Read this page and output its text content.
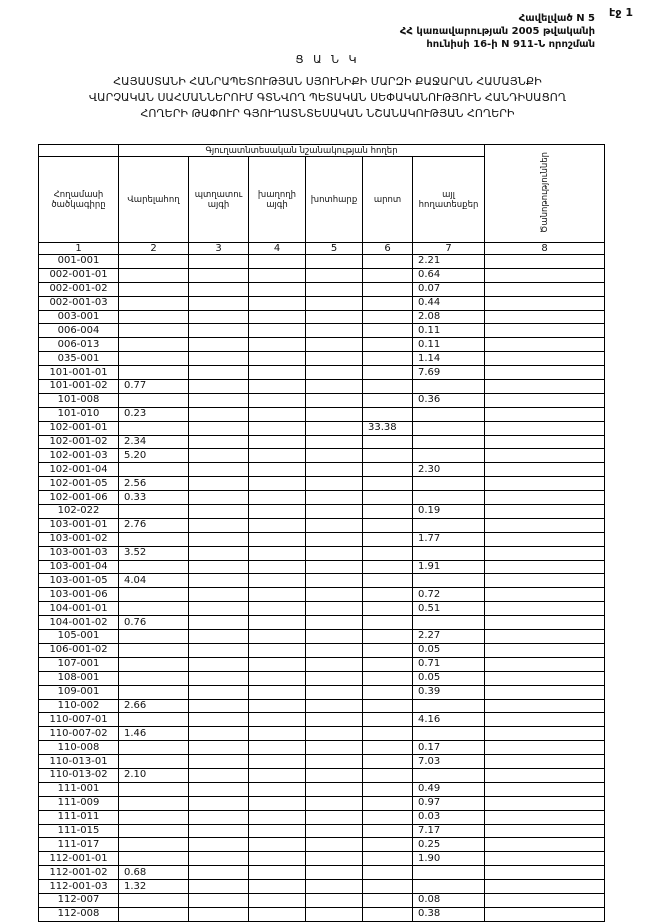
էջ 1
Հավելված N 5
ՀՀ կառավարության 2005 թվականի
հունիսի 16-ի N 911-Ն որոշման
Ց Ա Ն Կ
ՀԱՅԱՍՏԱՆԻ ՀԱՆՐԱՊԵՏՈՒԹՅԱՆ ՍՅՈՒՆԻՔԻ ՄԱՐԶԻ ՔԱՋԱՐԱՆ ՀԱՄԱՅՆՔԻ
ՎԱՐՉԱԿԱՆ ՍԱՀՄԱՆՆԵՐՈՒՄ ԳՏՆՎՈՂ ՊԵՏԱԿԱՆ ՍԵՓԱԿԱՆՈՒԹՅՈՒՆ ՀԱՆԴԻՍԱՑՈՂ
ՀՈՂԵՐԻ ԹԱՓՈՒՐ ԳՅՈՒՂԱՏՆՏԵՍԱԿԱՆ ՆՇԱՆԱԿՈՒԹՅԱՆ ՀՈՂԵՐԻ
	Գյուղատնտեսական նշանակության հողեր						Ծանոթություններ
Հողամասի ծածկագիրը	Վարելահող	պտղատու այգի	խաղողի այգի	խոտհարք	արոտ	այլ հողատեսքեր	
1	2	3	4	5	6	7	8
001-001						2.21	
002-001-01						0.64	
002-001-02						0.07	
002-001-03						0.44	
003-001						2.08	
006-004						0.11	
006-013						0.11	
035-001						1.14	
101-001-01						7.69	
101-001-02	0.77						
101-008						0.36	
101-010	0.23						
102-001-01					33.38		
102-001-02	2.34						
102-001-03	5.20						
102-001-04						2.30	
102-001-05	2.56						
102-001-06	0.33						
102-022						0.19	
103-001-01	2.76						
103-001-02						1.77	
103-001-03	3.52						
103-001-04						1.91	
103-001-05	4.04						
103-001-06						0.72	
104-001-01						0.51	
104-001-02	0.76						
105-001						2.27	
106-001-02						0.05	
107-001						0.71	
108-001						0.05	
109-001						0.39	
110-002	2.66						
110-007-01						4.16	
110-007-02	1.46						
110-008						0.17	
110-013-01						7.03	
110-013-02	2.10						
111-001						0.49	
111-009						0.97	
111-011						0.03	
111-015						7.17	
111-017						0.25	
112-001-01						1.90	
112-001-02	0.68						
112-001-03	1.32						
112-007						0.08	
112-008						0.38	
